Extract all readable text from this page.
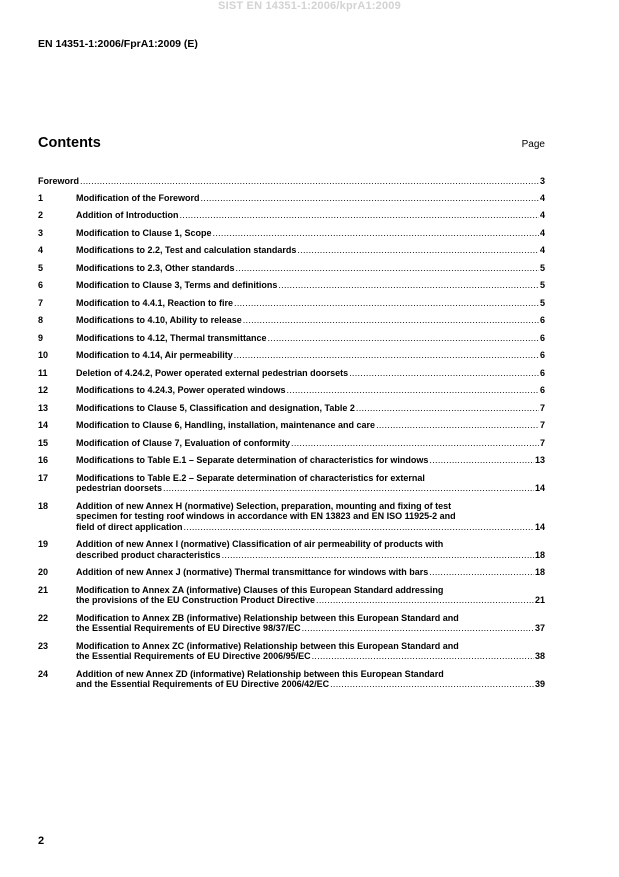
SIST EN 14351-1:2006/kprA1:2009
EN 14351-1:2006/FprA1:2009 (E)
Contents	Page
Foreword .....	3
1	Modification of the Foreword .....	4
2	Addition of Introduction .....	4
3	Modification to Clause 1, Scope .....	4
4	Modifications to 2.2, Test and calculation standards .....	4
5	Modifications to 2.3, Other standards .....	5
6	Modification to Clause 3, Terms and definitions .....	5
7	Modification to 4.4.1, Reaction to fire .....	5
8	Modifications to 4.10, Ability to release .....	6
9	Modifications to 4.12, Thermal transmittance .....	6
10	Modification to 4.14, Air permeability .....	6
11	Deletion of 4.24.2, Power operated external pedestrian doorsets .....	6
12	Modifications to 4.24.3, Power operated windows .....	6
13	Modifications to Clause 5, Classification and designation, Table 2 .....	7
14	Modification to Clause 6, Handling, installation, maintenance and care .....	7
15	Modification of Clause 7, Evaluation of conformity .....	7
16	Modifications to Table E.1 – Separate determination of characteristics for windows .....	13
17	Modifications to Table E.2 – Separate determination of characteristics for external
pedestrian doorsets .....	14
18	Addition of new Annex H (normative) Selection, preparation, mounting and fixing of test
specimen for testing roof windows in accordance with EN 13823 and EN ISO 11925-2 and
field of direct application .....	14
19	Addition of new Annex I (normative) Classification of air permeability of products with
described product characteristics .....	18
20	Addition of new Annex J (normative) Thermal transmittance for windows with bars .....	18
21	Modification to Annex ZA (informative) Clauses of this European Standard addressing
the provisions of the EU Construction Product Directive .....	21
22	Modification to Annex ZB (informative) Relationship between this European Standard and
the Essential Requirements of EU Directive 98/37/EC .....	37
23	Modification to Annex ZC (informative) Relationship between this European Standard and
the Essential Requirements of EU Directive 2006/95/EC .....	38
24	Addition of new Annex ZD (informative) Relationship between this European Standard
and the Essential Requirements of EU Directive 2006/42/EC .....	39
2
